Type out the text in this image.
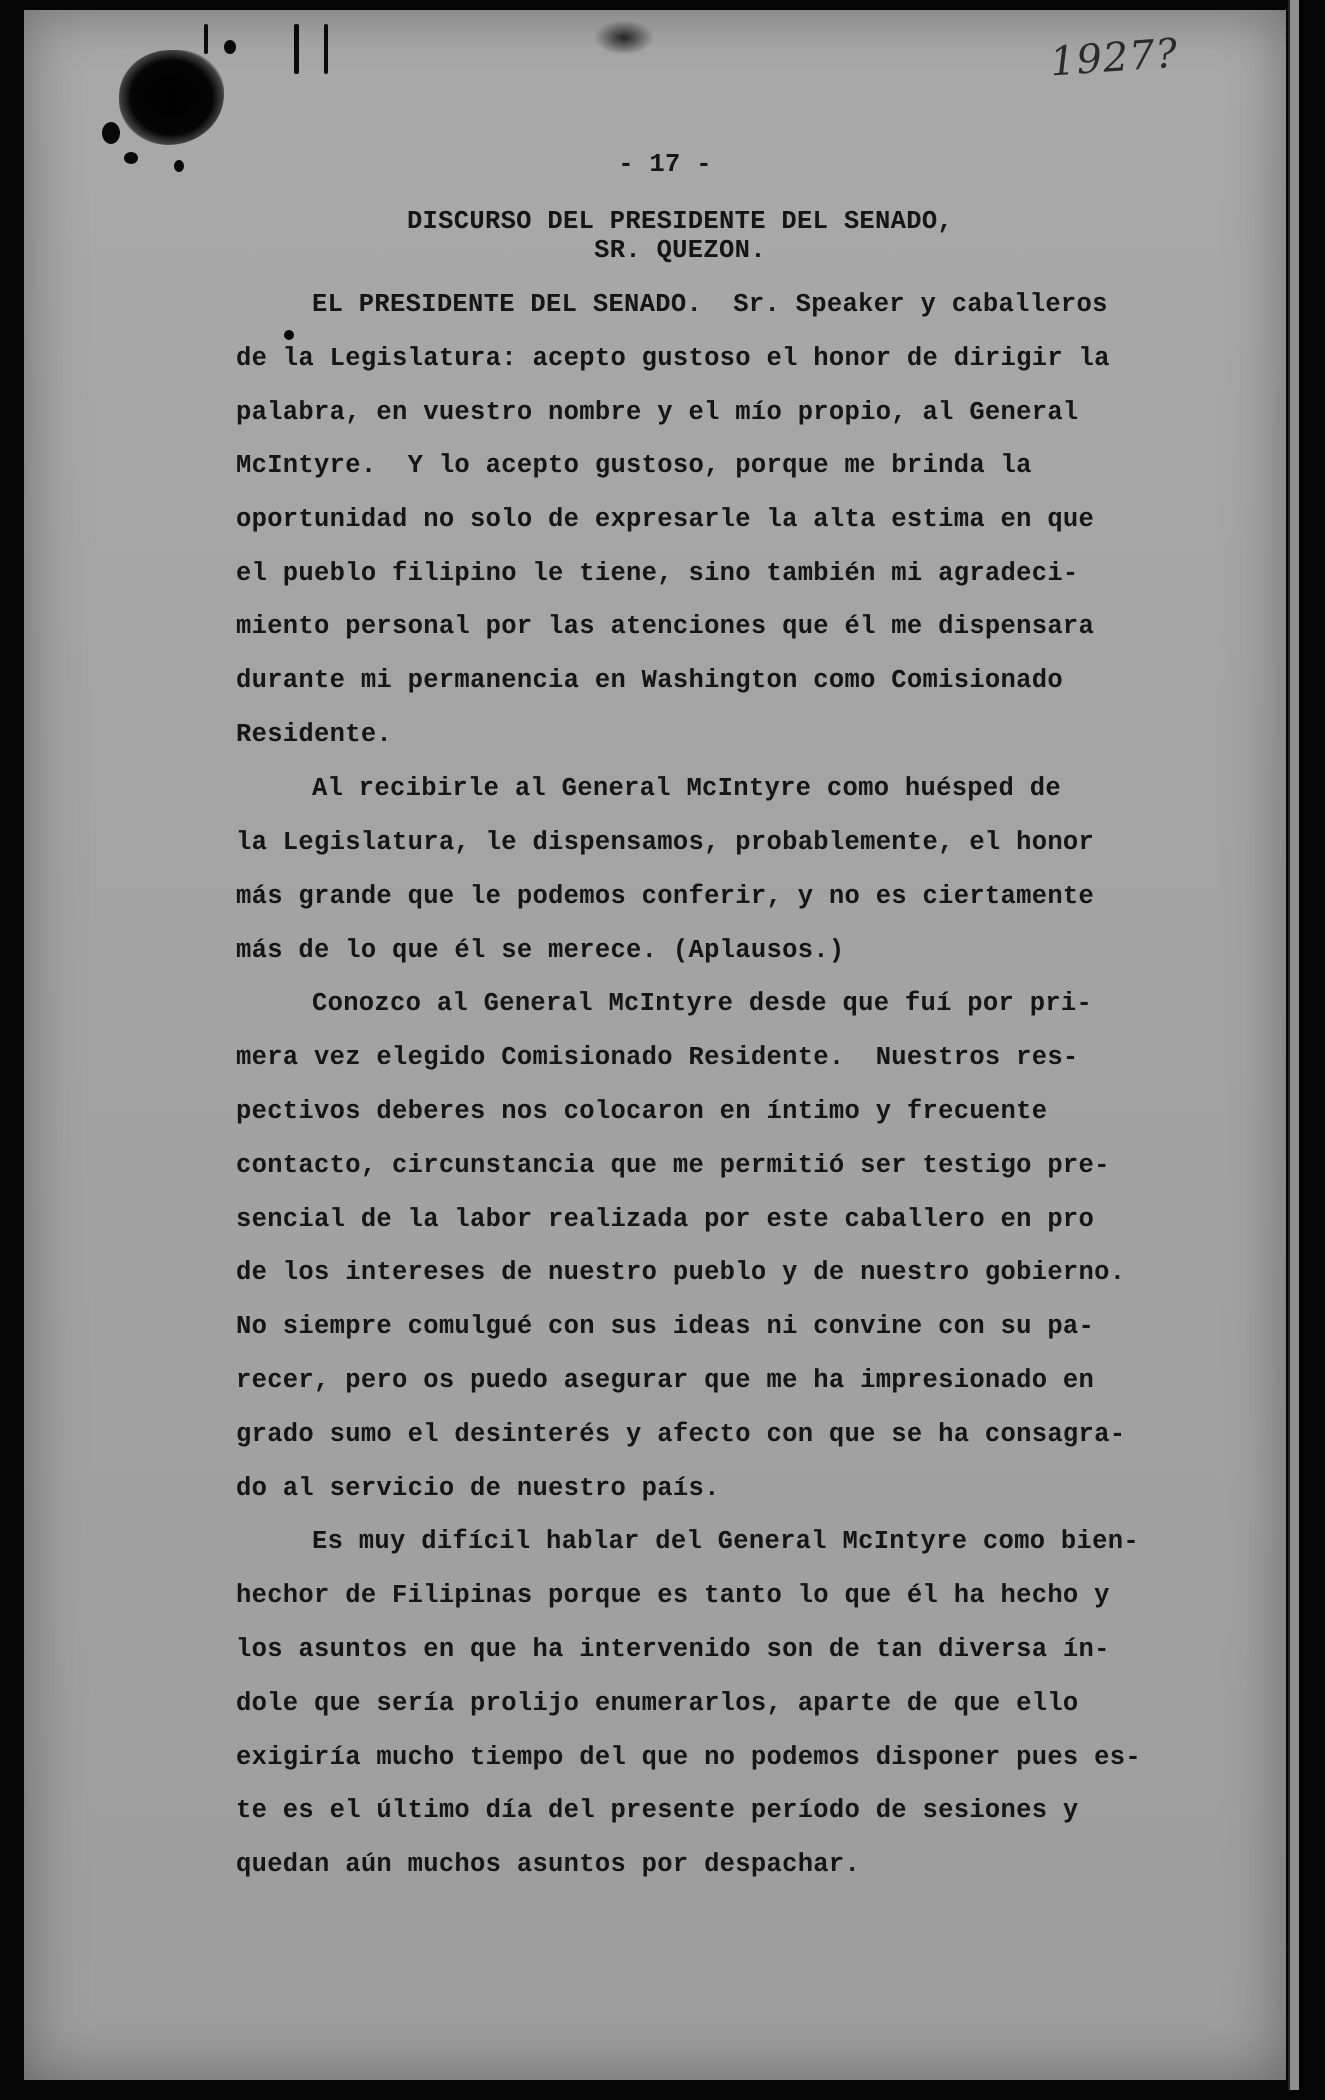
1927?
- 17 -
DISCURSO DEL PRESIDENTE DEL SENADO,
SR. QUEZON.
EL PRESIDENTE DEL SENADO.  Sr. Speaker y caballeros
de la Legislatura: acepto gustoso el honor de dirigir la
palabra, en vuestro nombre y el mío propio, al General
McIntyre.  Y lo acepto gustoso, porque me brinda la
oportunidad no solo de expresarle la alta estima en que
el pueblo filipino le tiene, sino también mi agradeci-
miento personal por las atenciones que él me dispensara
durante mi permanencia en Washington como Comisionado
Residente.
Al recibirle al General McIntyre como huésped de
la Legislatura, le dispensamos, probablemente, el honor
más grande que le podemos conferir, y no es ciertamente
más de lo que él se merece. (Aplausos.)
Conozco al General McIntyre desde que fuí por pri-
mera vez elegido Comisionado Residente.  Nuestros res-
pectivos deberes nos colocaron en íntimo y frecuente
contacto, circunstancia que me permitió ser testigo pre-
sencial de la labor realizada por este caballero en pro
de los intereses de nuestro pueblo y de nuestro gobierno.
No siempre comulgué con sus ideas ni convine con su pa-
recer, pero os puedo asegurar que me ha impresionado en
grado sumo el desinterés y afecto con que se ha consagra-
do al servicio de nuestro país.
Es muy difícil hablar del General McIntyre como bien-
hechor de Filipinas porque es tanto lo que él ha hecho y
los asuntos en que ha intervenido son de tan diversa ín-
dole que sería prolijo enumerarlos, aparte de que ello
exigiría mucho tiempo del que no podemos disponer pues es-
te es el último día del presente período de sesiones y
quedan aún muchos asuntos por despachar.
